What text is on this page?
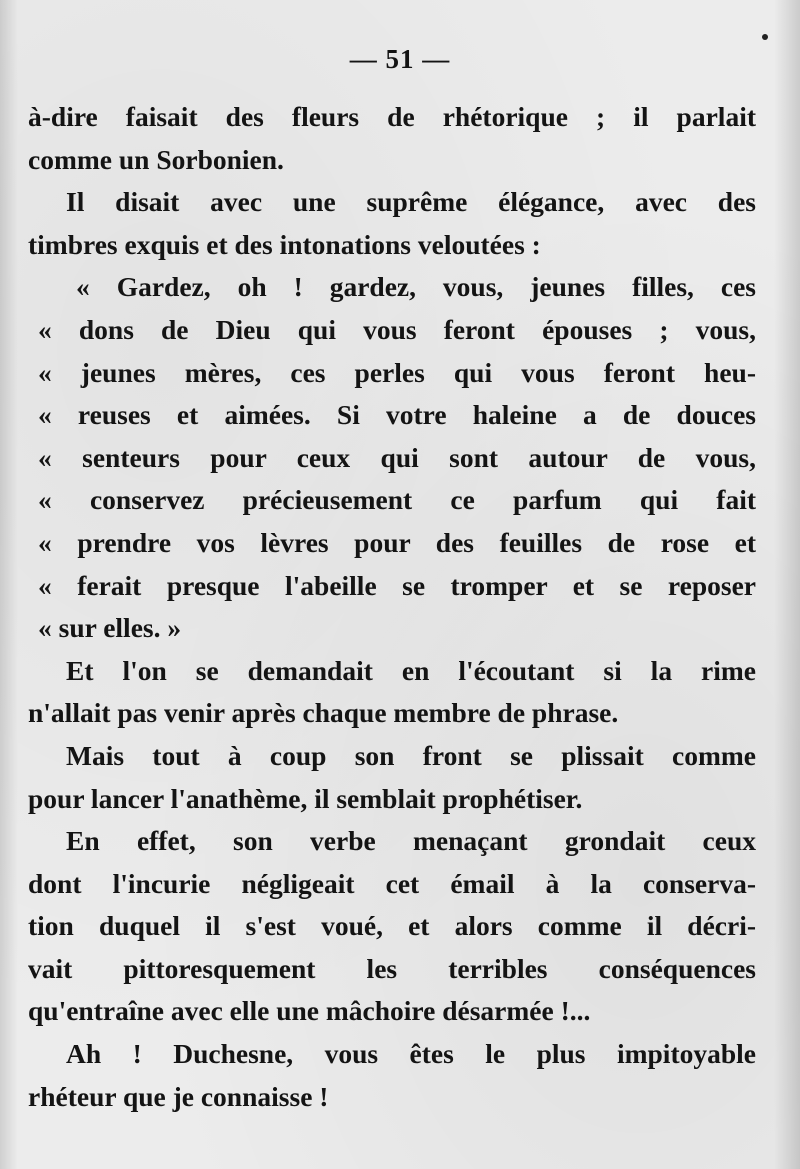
— 51 —
à-dire faisait des fleurs de rhétorique ; il parlait
comme un Sorbonien.
Il disait avec une suprême élégance, avec des
timbres exquis et des intonations veloutées :
« Gardez, oh ! gardez, vous, jeunes filles, ces
« dons de Dieu qui vous feront épouses ; vous,
« jeunes mères, ces perles qui vous feront heu-
« reuses et aimées. Si votre haleine a de douces
« senteurs pour ceux qui sont autour de vous,
« conservez précieusement ce parfum qui fait
« prendre vos lèvres pour des feuilles de rose et
« ferait presque l'abeille se tromper et se reposer
« sur elles. »
Et l'on se demandait en l'écoutant si la rime
n'allait pas venir après chaque membre de phrase.
Mais tout à coup son front se plissait comme
pour lancer l'anathème, il semblait prophétiser.
En effet, son verbe menaçant grondait ceux
dont l'incurie négligeait cet émail à la conserva-
tion duquel il s'est voué, et alors comme il décri-
vait pittoresquement les terribles conséquences
qu'entraîne avec elle une mâchoire désarmée !...
Ah ! Duchesne, vous êtes le plus impitoyable
rhéteur que je connaisse !
